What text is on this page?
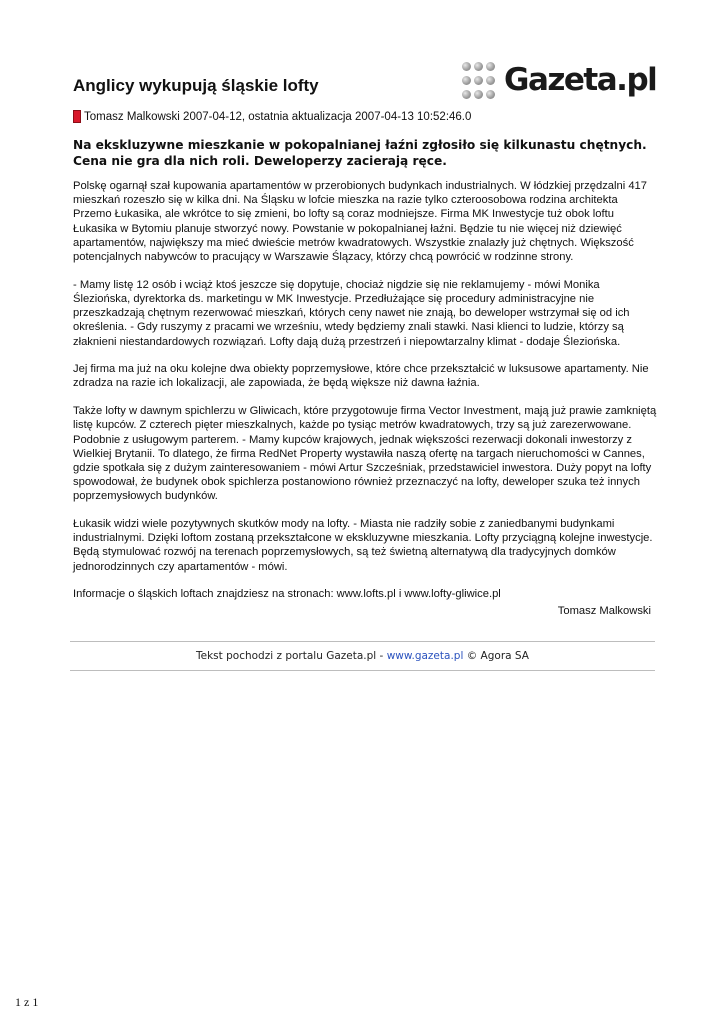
Anglicy wykupują śląskie lofty	Gazeta.pl
Tomasz Malkowski 2007-04-12, ostatnia aktualizacja 2007-04-13 10:52:46.0

Na ekskluzywne mieszkanie w pokopalnianej łaźni zgłosiło się kilkunastu chętnych. Cena nie gra dla nich roli. Deweloperzy zacierają ręce.

Polskę ogarnął szał kupowania apartamentów w przerobionych budynkach industrialnych. W łódzkiej przędzalni 417 mieszkań rozeszło się w kilka dni. Na Śląsku w lofcie mieszka na razie tylko czteroosobowa rodzina architekta Przemo Łukasika, ale wkrótce to się zmieni, bo lofty są coraz modniejsze. Firma MK Inwestycje tuż obok loftu Łukasika w Bytomiu planuje stworzyć nowy. Powstanie w pokopalnianej łaźni. Będzie tu nie więcej niż dziewięć apartamentów, największy ma mieć dwieście metrów kwadratowych. Wszystkie znalazły już chętnych. Większość potencjalnych nabywców to pracujący w Warszawie Ślązacy, którzy chcą powrócić w rodzinne strony.

- Mamy listę 12 osób i wciąż ktoś jeszcze się dopytuje, chociaż nigdzie się nie reklamujemy - mówi Monika Śleziońska, dyrektorka ds. marketingu w MK Inwestycje. Przedłużające się procedury administracyjne nie przeszkadzają chętnym rezerwować mieszkań, których ceny nawet nie znają, bo deweloper wstrzymał się od ich określenia. - Gdy ruszymy z pracami we wrześniu, wtedy będziemy znali stawki. Nasi klienci to ludzie, którzy są złaknieni niestandardowych rozwiązań. Lofty dają dużą przestrzeń i niepowtarzalny klimat - dodaje Śleziońska.

Jej firma ma już na oku kolejne dwa obiekty poprzemysłowe, które chce przekształcić w luksusowe apartamenty. Nie zdradza na razie ich lokalizacji, ale zapowiada, że będą większe niż dawna łaźnia.

Także lofty w dawnym spichlerzu w Gliwicach, które przygotowuje firma Vector Investment, mają już prawie zamkniętą listę kupców. Z czterech pięter mieszkalnych, każde po tysiąc metrów kwadratowych, trzy są już zarezerwowane. Podobnie z usługowym parterem. - Mamy kupców krajowych, jednak większości rezerwacji dokonali inwestorzy z Wielkiej Brytanii. To dlatego, że firma RedNet Property wystawiła naszą ofertę na targach nieruchomości w Cannes, gdzie spotkała się z dużym zainteresowaniem - mówi Artur Szcześniak, przedstawiciel inwestora. Duży popyt na lofty spowodował, że budynek obok spichlerza postanowiono również przeznaczyć na lofty, deweloper szuka też innych poprzemysłowych budynków.

Łukasik widzi wiele pozytywnych skutków mody na lofty. - Miasta nie radziły sobie z zaniedbanymi budynkami industrialnymi. Dzięki loftom zostaną przekształcone w ekskluzywne mieszkania. Lofty przyciągną kolejne inwestycje. Będą stymulować rozwój na terenach poprzemysłowych, są też świetną alternatywą dla tradycyjnych domków jednorodzinnych czy apartamentów - mówi.

Informacje o śląskich loftach znajdziesz na stronach: www.lofts.pl i www.lofty-gliwice.pl

Tomasz Malkowski
Tekst pochodzi z portalu Gazeta.pl - www.gazeta.pl © Agora SA
1 z 1
